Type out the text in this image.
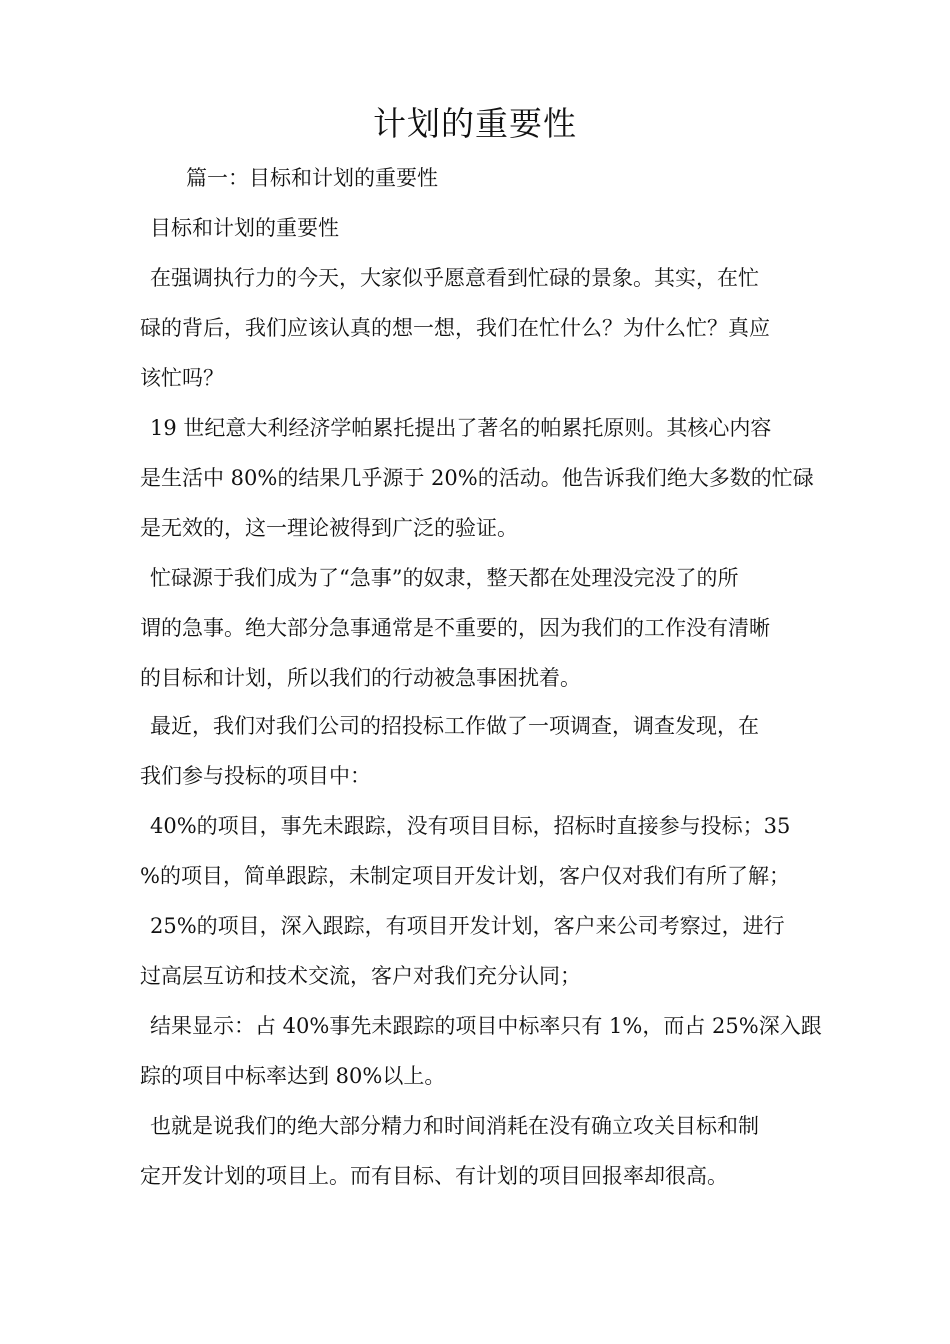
计划的重要性
篇一：目标和计划的重要性
目标和计划的重要性
在强调执行力的今天，大家似乎愿意看到忙碌的景象。其实，在忙
碌的背后，我们应该认真的想一想，我们在忙什么？为什么忙？真应
该忙吗？
19 世纪意大利经济学帕累托提出了著名的帕累托原则。其核心内容
是生活中 80%的结果几乎源于 20%的活动。他告诉我们绝大多数的忙碌
是无效的，这一理论被得到广泛的验证。
忙碌源于我们成为了“急事”的奴隶，整天都在处理没完没了的所
谓的急事。绝大部分急事通常是不重要的，因为我们的工作没有清晰
的目标和计划，所以我们的行动被急事困扰着。
最近，我们对我们公司的招投标工作做了一项调查，调查发现，在
我们参与投标的项目中：
40%的项目，事先未跟踪，没有项目目标，招标时直接参与投标；35
%的项目，简单跟踪，未制定项目开发计划，客户仅对我们有所了解；
25%的项目，深入跟踪，有项目开发计划，客户来公司考察过，进行
过高层互访和技术交流，客户对我们充分认同；
结果显示：占 40%事先未跟踪的项目中标率只有 1%，而占 25%深入跟
踪的项目中标率达到 80%以上。
也就是说我们的绝大部分精力和时间消耗在没有确立攻关目标和制
定开发计划的项目上。而有目标、有计划的项目回报率却很高。
